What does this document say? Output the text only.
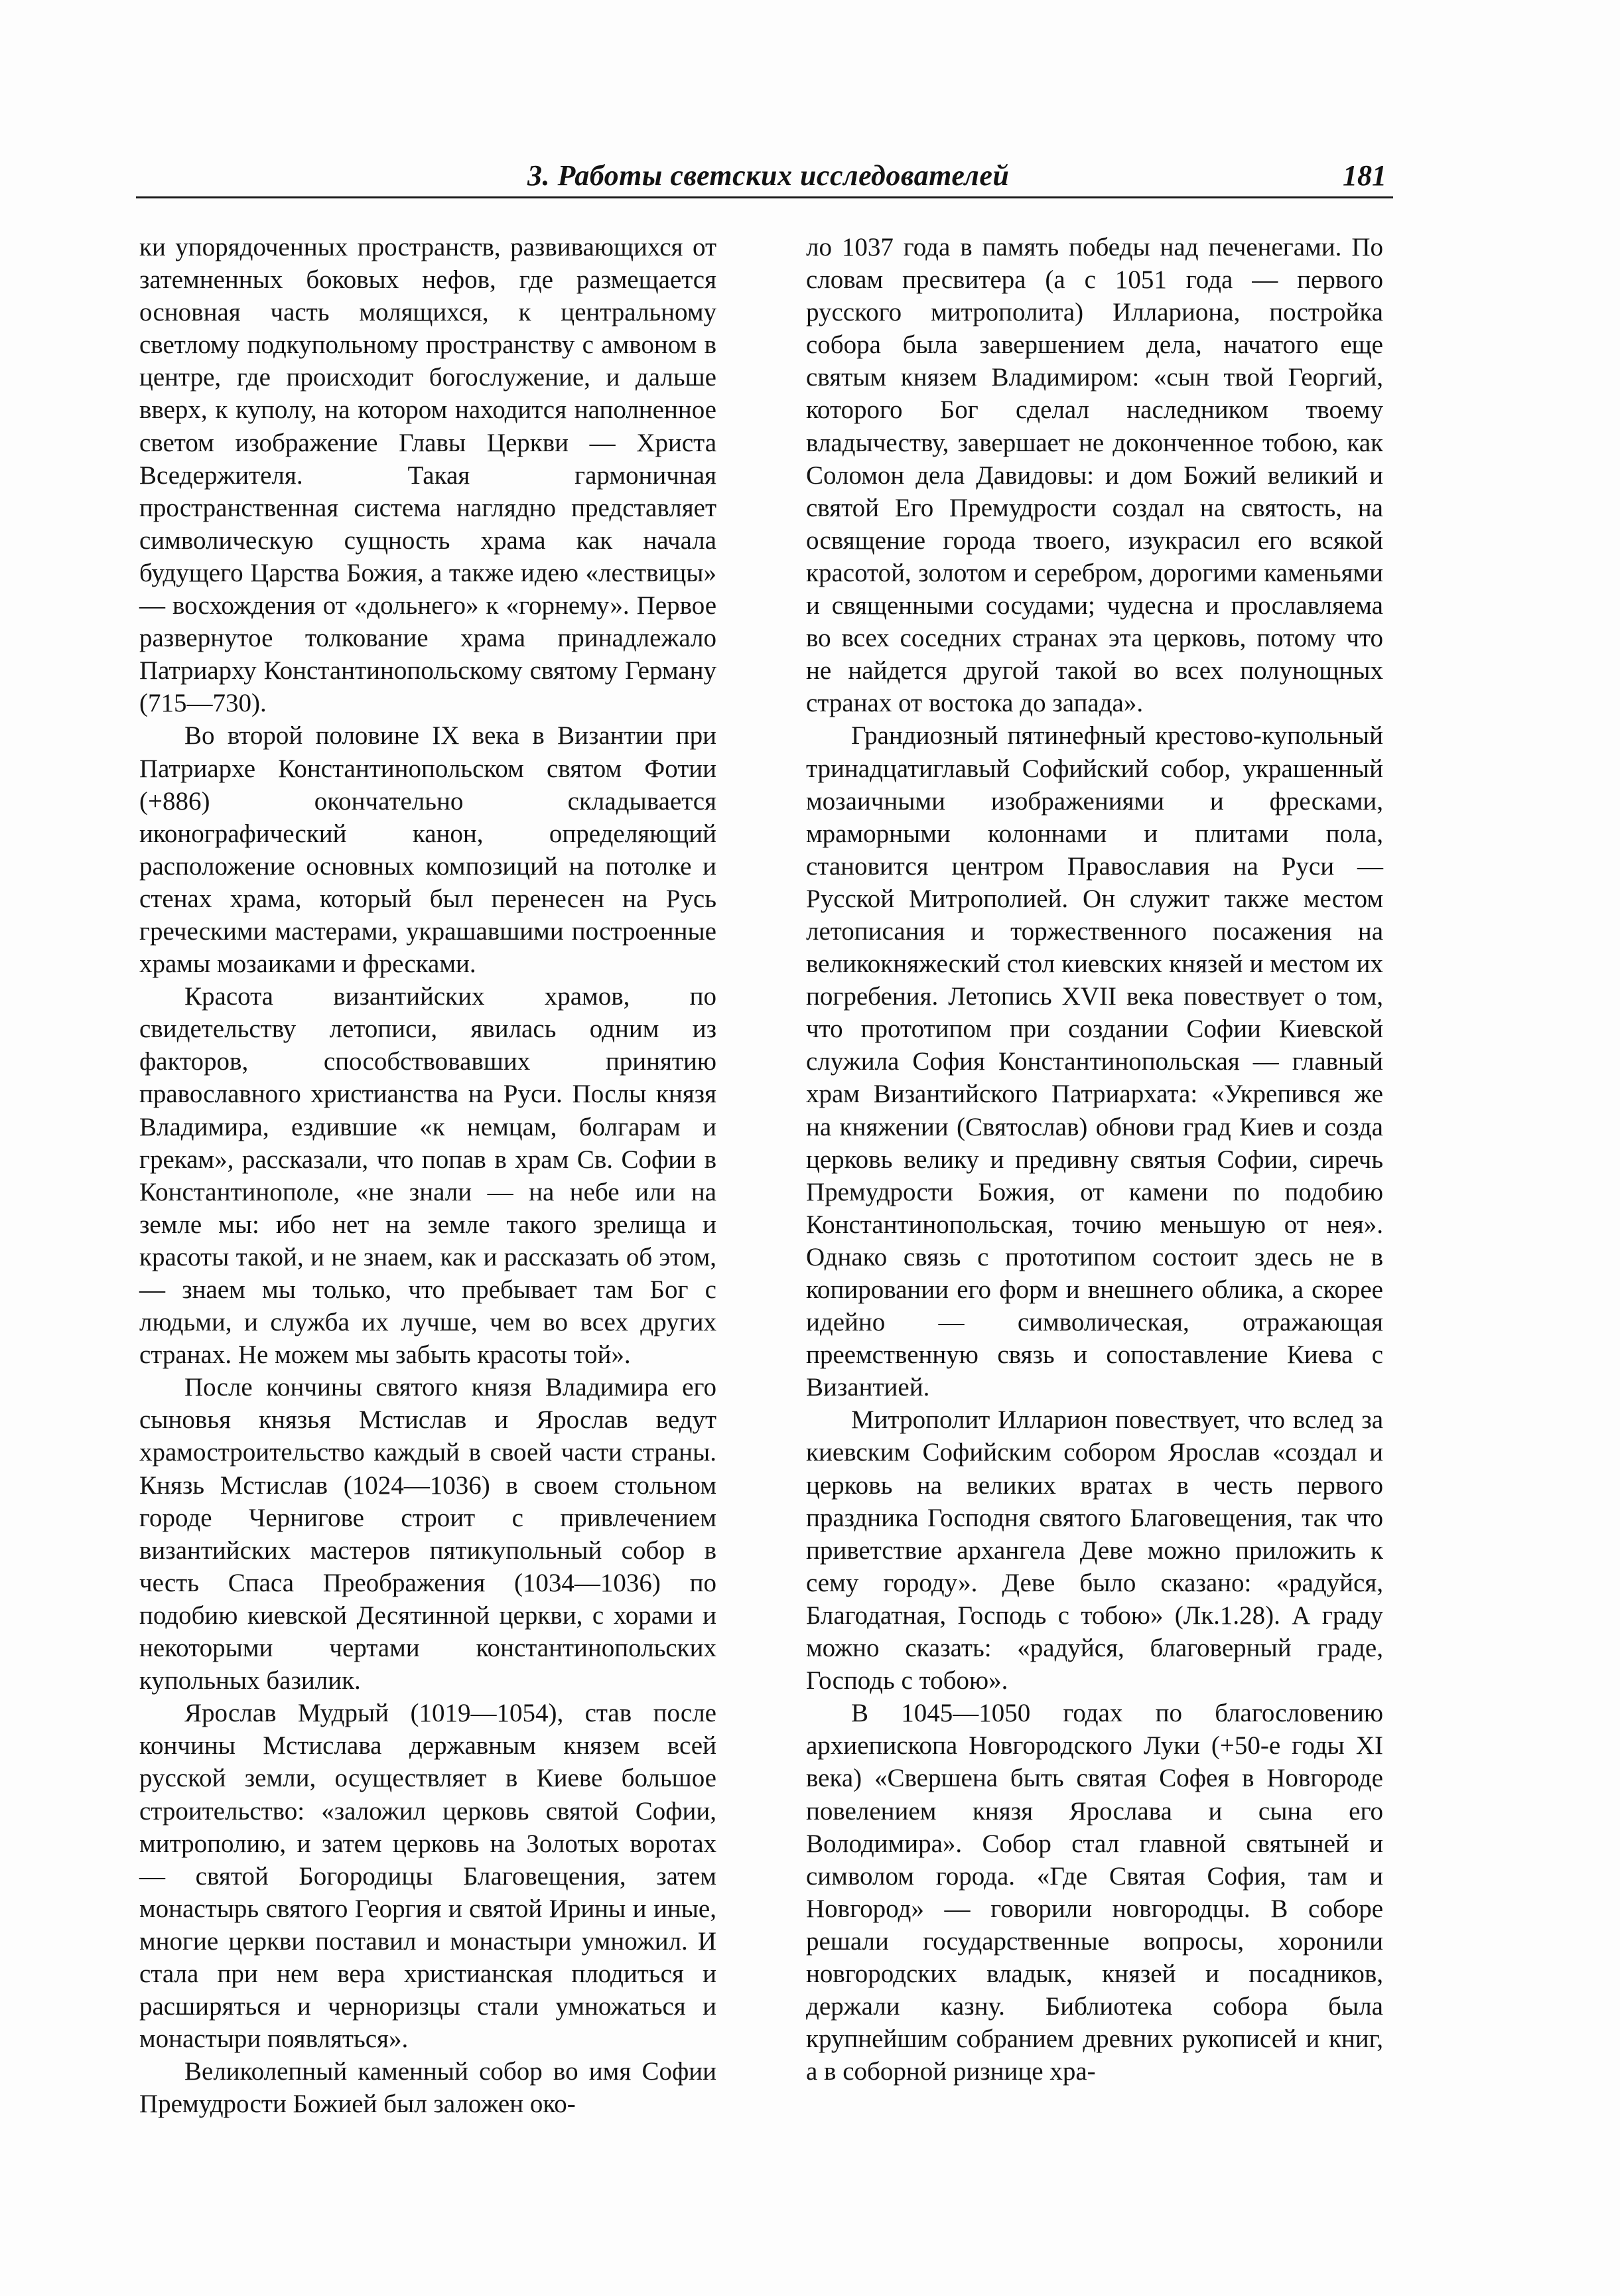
3. Работы светских исследователей	181

ки упорядоченных пространств, развивающихся от затемненных боковых нефов, где размещается основная часть молящихся, к центральному светлому подкупольному пространству с амвоном в центре, где происходит богослужение, и дальше вверх, к куполу, на котором находится наполненное светом изображение Главы Церкви — Христа Вседержителя. Такая гармоничная пространственная система наглядно представляет символическую сущность храма как начала будущего Царства Божия, а также идею «лествицы» — восхождения от «дольнего» к «горнему». Первое развернутое толкование храма принадлежало Патриарху Константинопольскому святому Герману (715—730).

Во второй половине IX века в Византии при Патриархе Константинопольском святом Фотии (+886) окончательно складывается иконографический канон, определяющий расположение основных композиций на потолке и стенах храма, который был перенесен на Русь греческими мастерами, украшавшими построенные храмы мозаиками и фресками.

Красота византийских храмов, по свидетельству летописи, явилась одним из факторов, способствовавших принятию православного христианства на Руси. Послы князя Владимира, ездившие «к немцам, болгарам и грекам», рассказали, что попав в храм Св. Софии в Константинополе, «не знали — на небе или на земле мы: ибо нет на земле такого зрелища и красоты такой, и не знаем, как и рассказать об этом, — знаем мы только, что пребывает там Бог с людьми, и служба их лучше, чем во всех других странах. Не можем мы забыть красоты той».

После кончины святого князя Владимира его сыновья князья Мстислав и Ярослав ведут храмостроительство каждый в своей части страны. Князь Мстислав (1024—1036) в своем стольном городе Чернигове строит с привлечением византийских мастеров пятикупольный собор в честь Спаса Преображения (1034—1036) по подобию киевской Десятинной церкви, с хорами и некоторыми чертами константинопольских купольных базилик.

Ярослав Мудрый (1019—1054), став после кончины Мстислава державным князем всей русской земли, осуществляет в Киеве большое строительство: «заложил церковь святой Софии, митрополию, и затем церковь на Золотых воротах — святой Богородицы Благовещения, затем монастырь святого Георгия и святой Ирины и иные, многие церкви поставил и монастыри умножил. И стала при нем вера христианская плодиться и расширяться и черноризцы стали умножаться и монастыри появляться».

Великолепный каменный собор во имя Софии Премудрости Божией был заложен око-

ло 1037 года в память победы над печенегами. По словам пресвитера (а с 1051 года — первого русского митрополита) Иллариона, постройка собора была завершением дела, начатого еще святым князем Владимиром: «сын твой Георгий, которого Бог сделал наследником твоему владычеству, завершает не доконченное тобою, как Соломон дела Давидовы: и дом Божий великий и святой Его Премудрости создал на святость, на освящение города твоего, изукрасил его всякой красотой, золотом и серебром, дорогими каменьями и священными сосудами; чудесна и прославляема во всех соседних странах эта церковь, потому что не найдется другой такой во всех полунощных странах от востока до запада».

Грандиозный пятинефный крестово-купольный тринадцатиглавый Софийский собор, украшенный мозаичными изображениями и фресками, мраморными колоннами и плитами пола, становится центром Православия на Руси — Русской Митрополией. Он служит также местом летописания и торжественного посажения на великокняжеский стол киевских князей и местом их погребения. Летопись XVII века повествует о том, что прототипом при создании Софии Киевской служила София Константинопольская — главный храм Византийского Патриархата: «Укрепився же на княжении (Святослав) обнови град Киев и созда церковь велику и предивну святыя Софии, сиречь Премудрости Божия, от камени по подобию Константинопольская, точию меньшую от нея». Однако связь с прототипом состоит здесь не в копировании его форм и внешнего облика, а скорее идейно — символическая, отражающая преемственную связь и сопоставление Киева с Византией.

Митрополит Илларион повествует, что вслед за киевским Софийским собором Ярослав «создал и церковь на великих вратах в честь первого праздника Господня святого Благовещения, так что приветствие архангела Деве можно приложить к сему городу». Деве было сказано: «радуйся, Благодатная, Господь с тобою» (Лк.1.28). А граду можно сказать: «радуйся, благоверный граде, Господь с тобою».

В 1045—1050 годах по благословению архиепископа Новгородского Луки (+50-е годы XI века) «Свершена быть святая Софея в Новгороде повелением князя Ярослава и сына его Володимира». Собор стал главной святыней и символом города. «Где Святая София, там и Новгород» — говорили новгородцы. В соборе решали государственные вопросы, хоронили новгородских владык, князей и посадников, держали казну. Библиотека собора была крупнейшим собранием древних рукописей и книг, а в соборной ризнице хра-
